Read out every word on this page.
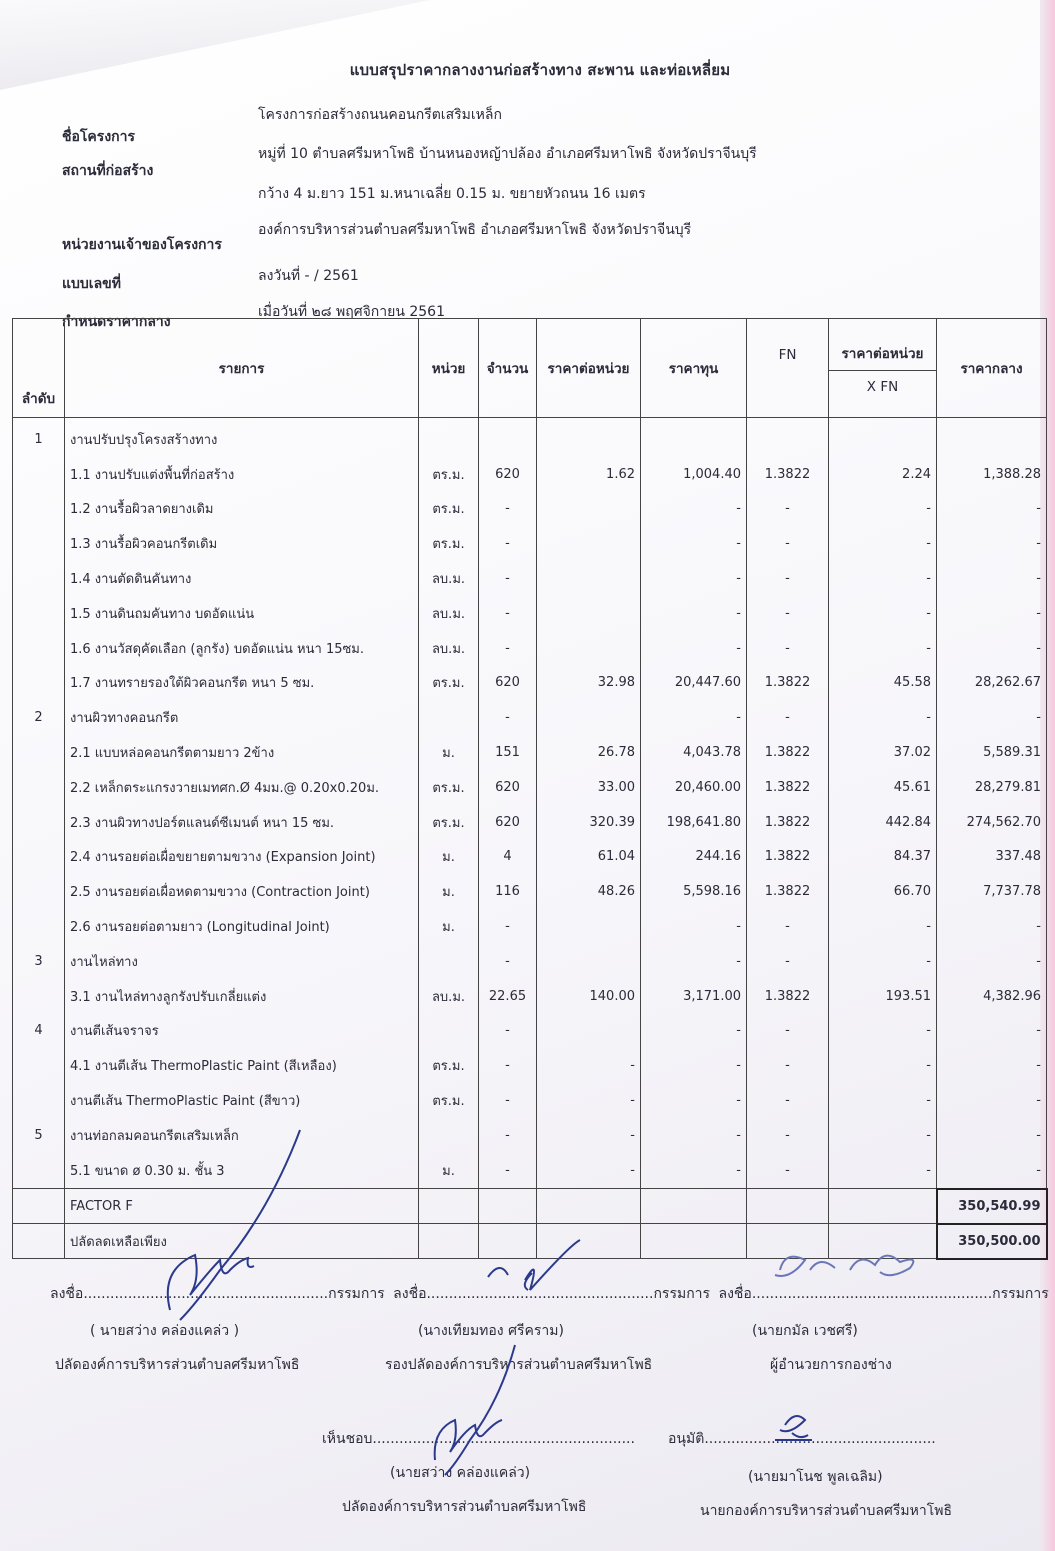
แบบสรุปราคากลางงานก่อสร้างทาง สะพาน และท่อเหลี่ยม
ชื่อโครงการ
โครงการก่อสร้างถนนคอนกรีตเสริมเหล็ก
สถานที่ก่อสร้าง
หมู่ที่ 10 ตำบลศรีมหาโพธิ บ้านหนองหญ้าปล้อง อำเภอศรีมหาโพธิ จังหวัดปราจีนบุรี
กว้าง 4 ม.ยาว 151 ม.หนาเฉลี่ย 0.15 ม. ขยายหัวถนน 16 เมตร
หน่วยงานเจ้าของโครงการ
องค์การบริหารส่วนตำบลศรีมหาโพธิ อำเภอศรีมหาโพธิ จังหวัดปราจีนบุรี
แบบเลขที่	ลงวันที่ - / 2561
กำหนดราคากลาง
เมื่อวันที่ ๒๘ พฤศจิกายน 2561
ลำดับ	รายการ	หน่วย	จำนวน	ราคาต่อหน่วย	ราคาทุน	FN	ราคาต่อหน่วย
X FN	ราคากลาง
1	งานปรับปรุงโครงสร้างทาง							
	1.1 งานปรับแต่งพื้นที่ก่อสร้าง	ตร.ม.	620	1.62	1,004.40	1.3822	2.24	1,388.28
	1.2 งานรื้อผิวลาดยางเดิม	ตร.ม.	-		-	-	-	-
	1.3 งานรื้อผิวคอนกรีตเดิม	ตร.ม.	-		-	-	-	-
	1.4 งานตัดดินคันทาง	ลบ.ม.	-		-	-	-	-
	1.5 งานดินถมคันทาง บดอัดแน่น	ลบ.ม.	-		-	-	-	-
	1.6 งานวัสดุคัดเลือก (ลูกรัง) บดอัดแน่น หนา 15ซม.	ลบ.ม.	-		-	-	-	-
	1.7 งานทรายรองใต้ผิวคอนกรีต หนา 5 ซม.	ตร.ม.	620	32.98	20,447.60	1.3822	45.58	28,262.67
2	งานผิวทางคอนกรีต		-		-	-	-	-
	2.1 แบบหล่อคอนกรีตตามยาว 2ข้าง	ม.	151	26.78	4,043.78	1.3822	37.02	5,589.31
	2.2 เหล็กตระแกรงวายเมทศก.Ø 4มม.@ 0.20x0.20ม.	ตร.ม.	620	33.00	20,460.00	1.3822	45.61	28,279.81
	2.3 งานผิวทางปอร์ตแลนด์ซีเมนต์ หนา 15 ซม.	ตร.ม.	620	320.39	198,641.80	1.3822	442.84	274,562.70
	2.4 งานรอยต่อเผื่อขยายตามขวาง (Expansion Joint)	ม.	4	61.04	244.16	1.3822	84.37	337.48
	2.5 งานรอยต่อเผื่อหดตามขวาง (Contraction Joint)	ม.	116	48.26	5,598.16	1.3822	66.70	7,737.78
	2.6 งานรอยต่อตามยาว (Longitudinal Joint)	ม.	-		-	-	-	-
3	งานไหล่ทาง		-		-	-	-	-
	3.1 งานไหล่ทางลูกรังปรับเกลี่ยแต่ง	ลบ.ม.	22.65	140.00	3,171.00	1.3822	193.51	4,382.96
4	งานตีเส้นจราจร		-		-	-	-	-
	4.1 งานตีเส้น ThermoPlastic Paint (สีเหลือง)	ตร.ม.	-	-	-	-	-	-
	งานตีเส้น ThermoPlastic Paint (สีขาว)	ตร.ม.	-	-	-	-	-	-
5	งานท่อกลมคอนกรีตเสริมเหล็ก		-	-	-	-	-	-
	5.1 ขนาด ø 0.30 ม. ชั้น 3	ม.	-	-	-	-	-	-
	FACTOR F							350,540.99
	ปลัดลดเหลือเพียง							350,500.00
ลงชื่อ.......................................................กรรมการ ลงชื่อ...................................................กรรมการ ลงชื่อ......................................................กรรมการ
( นายสว่าง คล่องแคล่ว )	(นางเทียมทอง ศรีคราม)	(นายกมัล เวชศรี)
ปลัดองค์การบริหารส่วนตำบลศรีมหาโพธิ	รองปลัดองค์การบริหารส่วนตำบลศรีมหาโพธิ	ผู้อำนวยการกองช่าง
เห็นชอบ........................................................... อนุมัติ....................................................
(นายสว่าง คล่องแคล่ว)	(นายมาโนช พูลเฉลิม)
ปลัดองค์การบริหารส่วนตำบลศรีมหาโพธิ	นายกองค์การบริหารส่วนตำบลศรีมหาโพธิ
